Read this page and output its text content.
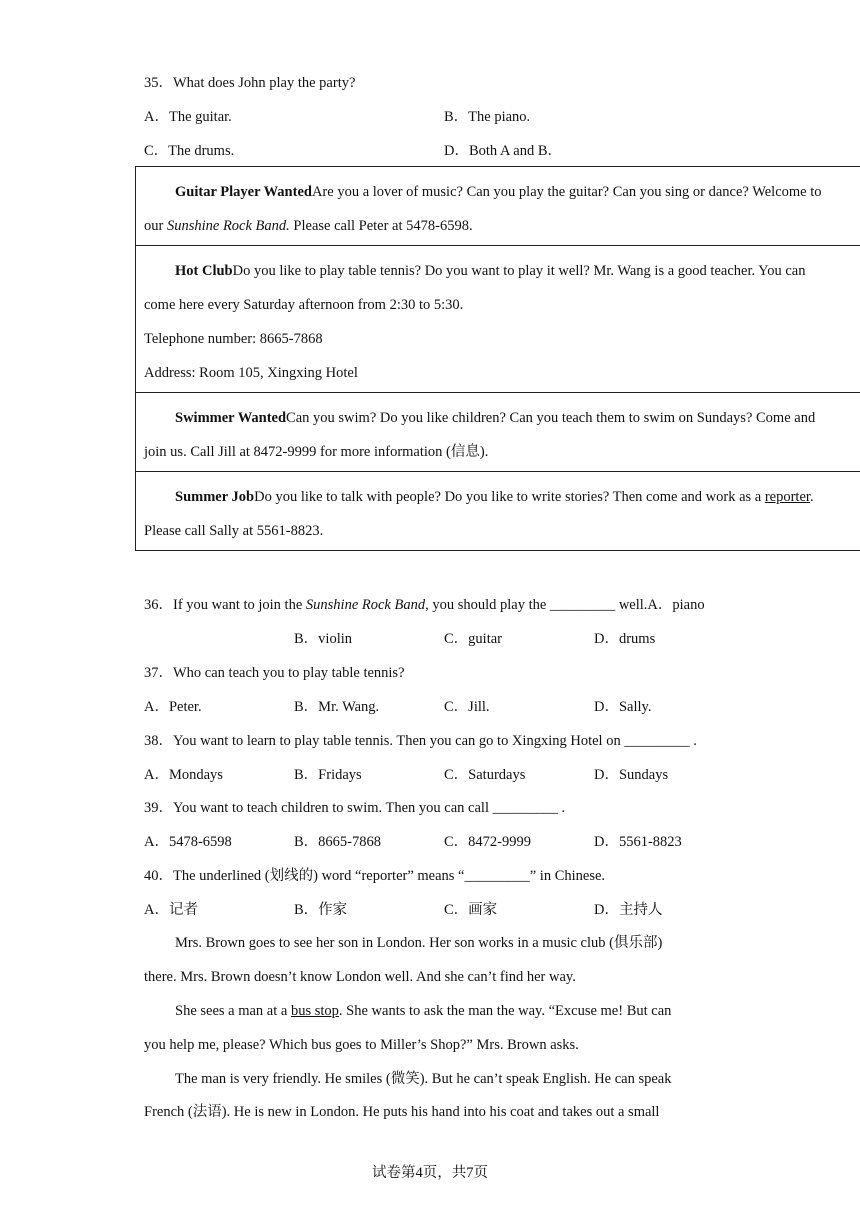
35．What does John play the party?
A．The guitar.	B．The piano.
C．The drums.	D．Both A and B．
Guitar Player WantedAre you a lover of music? Can you play the guitar? Can you sing or dance? Welcome to
our Sunshine Rock Band. Please call Peter at 5478-6598.
Hot ClubDo you like to play table tennis? Do you want to play it well? Mr. Wang is a good teacher. You can
come here every Saturday afternoon from 2:30 to 5:30.
Telephone number: 8665-7868
Address: Room 105, Xingxing Hotel
Swimmer WantedCan you swim? Do you like children? Can you teach them to swim on Sundays? Come and
join us. Call Jill at 8472-9999 for more information (信息).
Summer JobDo you like to talk with people? Do you like to write stories? Then come and work as a reporter.
Please call Sally at 5561-8823.
36．If you want to join the Sunshine Rock Band, you should play the _________ well.A．piano
B．violin	C．guitar	D．drums
37．Who can teach you to play table tennis?
A．Peter.	B．Mr. Wang.	C．Jill.	D．Sally.
38．You want to learn to play table tennis. Then you can go to Xingxing Hotel on _________ .
A．Mondays	B．Fridays	C．Saturdays	D．Sundays
39．You want to teach children to swim. Then you can call _________ .
A．5478-6598	B．8665-7868	C．8472-9999	D．5561-8823
40．The underlined (划线的) word “reporter” means “_________” in Chinese.
A．记者	B．作家	C．画家	D．主持人
Mrs. Brown goes to see her son in London. Her son works in a music club (俱乐部)
there. Mrs. Brown doesn’t know London well. And she can’t find her way.
She sees a man at a bus stop. She wants to ask the man the way. “Excuse me! But can
you help me, please? Which bus goes to Miller’s Shop?” Mrs. Brown asks.
The man is very friendly. He smiles (微笑). But he can’t speak English. He can speak
French (法语). He is new in London. He puts his hand into his coat and takes out a small
试卷第4页，共7页
